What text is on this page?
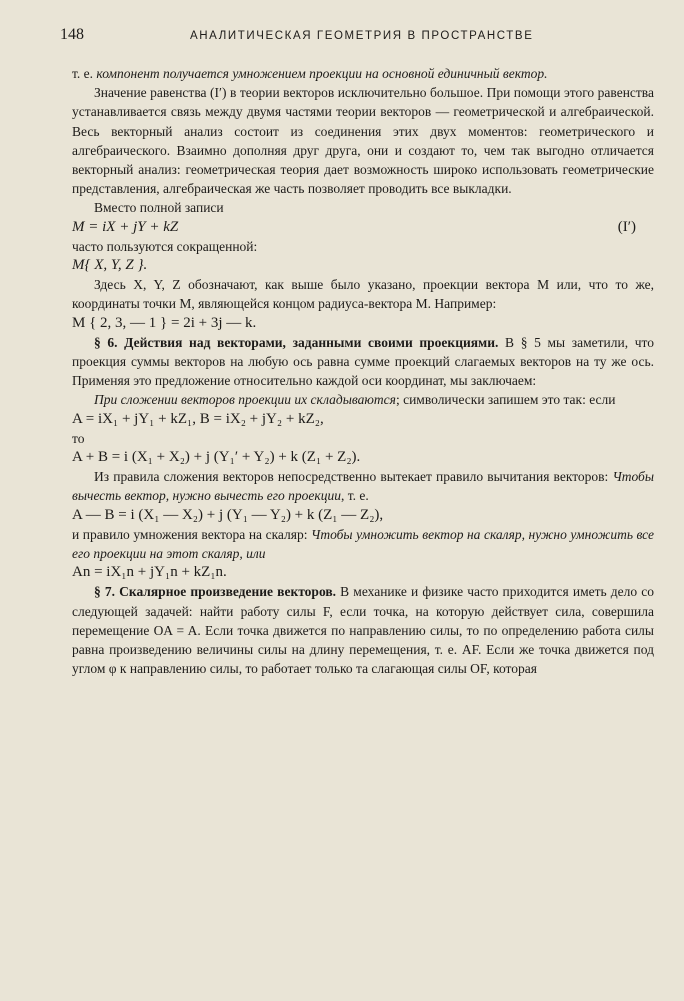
148	АНАЛИТИЧЕСКАЯ ГЕОМЕТРИЯ В ПРОСТРАНСТВЕ

т. е. компонент получается умножением проекции на основной единичный вектор.

Значение равенства (I′) в теории векторов исключительно большое. При помощи этого равенства устанавливается связь между двумя частями теории векторов — геометрической и алгебраической. Весь векторный анализ состоит из соединения этих двух моментов: геометрического и алгебраического. Взаимно дополняя друг друга, они и создают то, чем так выгодно отличается векторный анализ: геометрическая теория дает возможность широко использовать геометрические представления, алгебраическая же часть позволяет проводить все выкладки.

Вместо полной записи

M = iX + jY + kZ	(I′)

часто пользуются сокращенной:

M{ X, Y, Z }.

Здесь X, Y, Z обозначают, как выше было указано, проекции вектора M или, что то же, координаты точки M, являющейся концом радиуса-вектора M. Например:

M { 2, 3, — 1 } = 2i + 3j — k.

§ 6. Действия над векторами, заданными своими проекциями. В § 5 мы заметили, что проекция суммы векторов на любую ось равна сумме проекций слагаемых векторов на ту же ось. Применяя это предложение относительно каждой оси координат, мы заключаем:

При сложении векторов проекции их складываются; символически запишем это так: если

A = iX₁ + jY₁ + kZ₁, B = iX₂ + jY₂ + kZ₂,

то

A + B = i (X₁ + X₂) + j (Y₁′ + Y₂) + k (Z₁ + Z₂).

Из правила сложения векторов непосредственно вытекает правило вычитания векторов: Чтобы вычесть вектор, нужно вычесть его проекции, т. е.

A — B = i (X₁ — X₂) + j (Y₁ — Y₂) + k (Z₁ — Z₂),

и правило умножения вектора на скаляр: Чтобы умножить вектор на скаляр, нужно умножить все его проекции на этот скаляр, или

An = iX₁n + jY₁n + kZ₁n.

§ 7. Скалярное произведение векторов. В механике и физике часто приходится иметь дело со следующей задачей: найти работу силы F, если точка, на которую действует сила, совершила перемещение OA = A. Если точка движется по направлению силы, то по определению работа силы равна произведению величины силы на длину перемещения, т. е. AF. Если же точка движется под углом φ к направлению силы, то работает только та слагающая силы OF, которая
